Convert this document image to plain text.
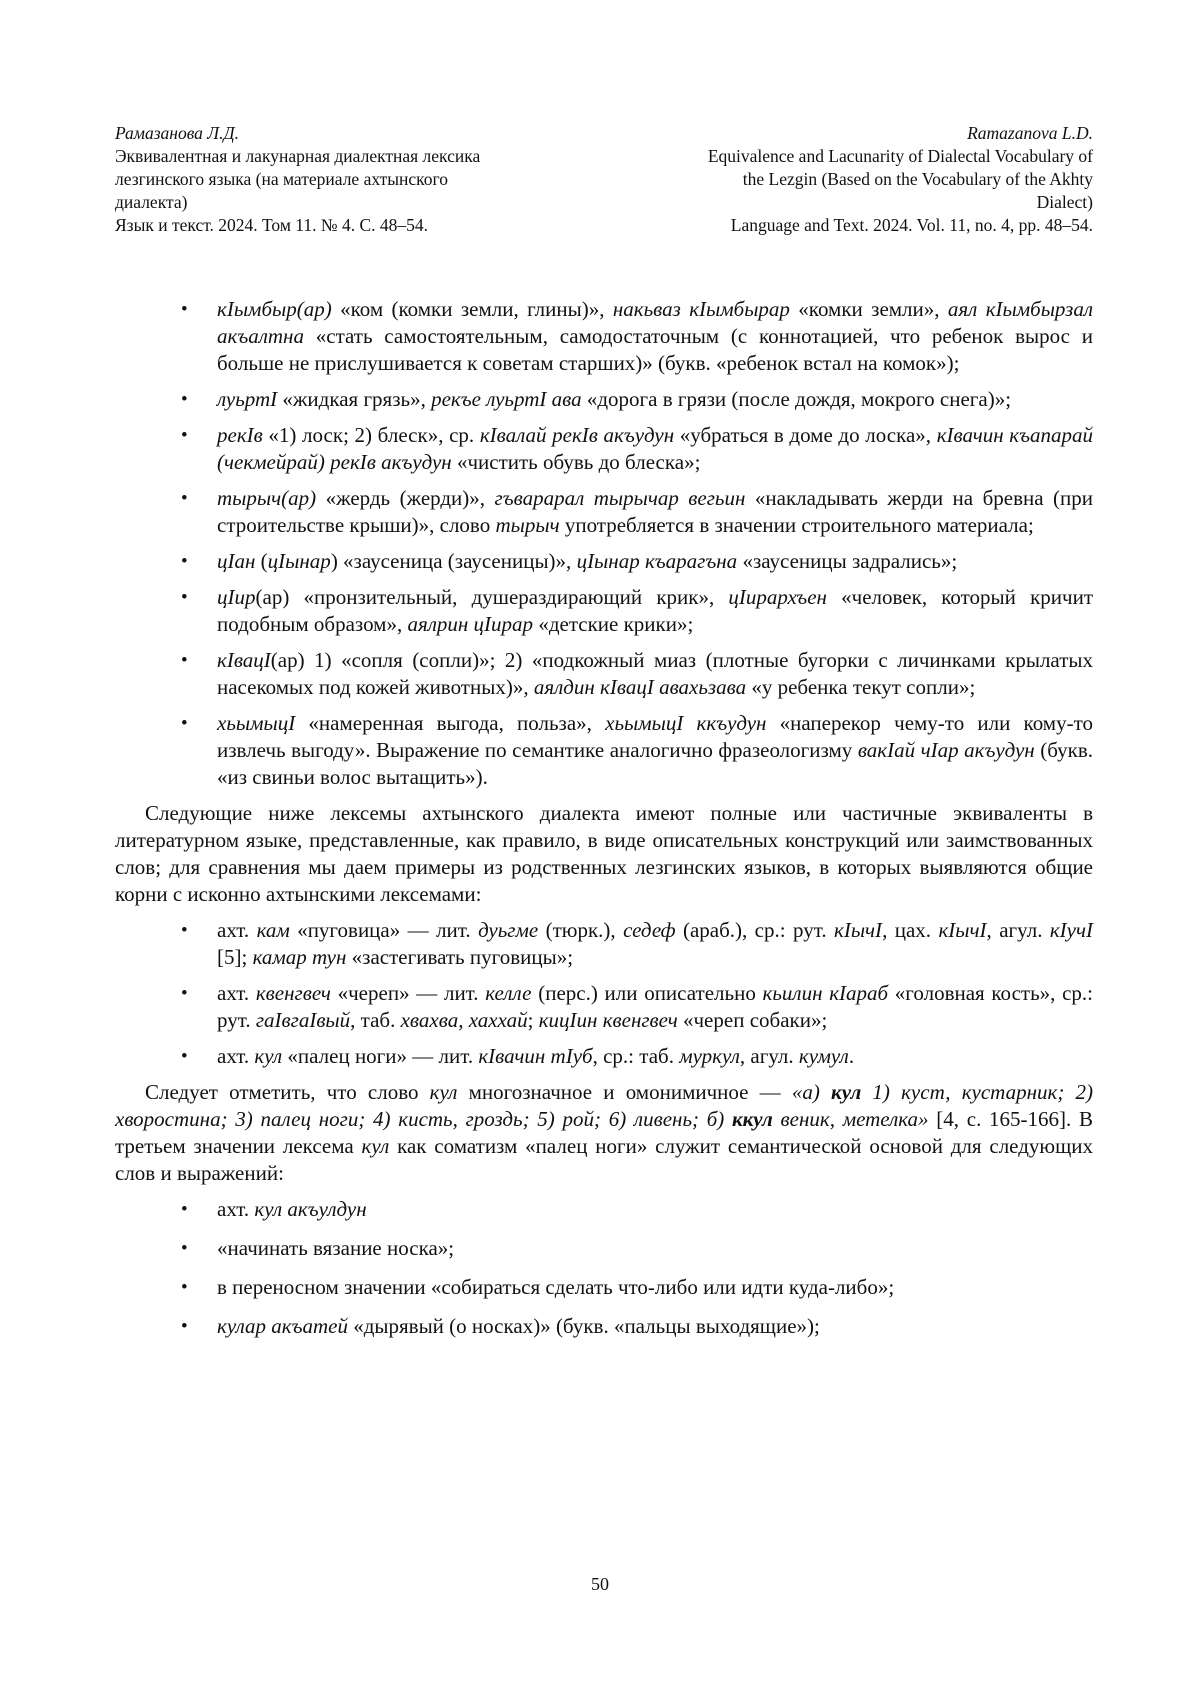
Рамазанова Л.Д.
Эквивалентная и лакунарная диалектная лексика
лезгинского языка (на материале ахтынского
диалекта)
Язык и текст. 2024. Том 11. № 4. С. 48–54.
Ramazanova L.D.
Equivalence and Lacunarity of Dialectal Vocabulary of
the Lezgin (Based on the Vocabulary of the Akhty
Dialect)
Language and Text. 2024. Vol. 11, no. 4, pp. 48–54.
• кIымбыр(ар) «ком (комки земли, глины)», накьваз кIымбырар «комки земли», аял кIымбырзал акъалтна «стать самостоятельным, самодостаточным (с коннотацией, что ребенок вырос и больше не прислушивается к советам старших)» (букв. «ребенок встал на комок»);
• луьртI «жидкая грязь», рекъе луьртI ава «дорога в грязи (после дождя, мокрого снега)»;
• рекIв «1) лоск; 2) блеск», ср. кIвалай рекIв акъудун «убраться в доме до лоска», кIвачин къапарай (чекмейрай) рекIв акъудун «чистить обувь до блеска»;
• тырыч(ар) «жердь (жерди)», гъварарал тырычар вегьин «накладывать жерди на бревна (при строительстве крыши)», слово тырыч употребляется в значении строительного материала;
• цIан (цIынар) «заусеница (заусеницы)», цIынар къарагъна «заусеницы задрались»;
• цIир(ар) «пронзительный, душераздирающий крик», цIирархъен «человек, который кричит подобным образом», аялрин цIирар «детские крики»;
• кIвацI(ар) 1) «сопля (сопли)»; 2) «подкожный миаз (плотные бугорки с личинками крылатых насекомых под кожей животных)», аялдин кIвацI авахьзава «у ребенка текут сопли»;
• хьымыцI «намеренная выгода, польза», хьымыцI ккъудун «наперекор чему-то или кому-то извлечь выгоду». Выражение по семантике аналогично фразеологизму вакIай чIар акъудун (букв. «из свиньи волос вытащить»).

Следующие ниже лексемы ахтынского диалекта имеют полные или частичные эквиваленты в литературном языке, представленные, как правило, в виде описательных конструкций или заимствованных слов; для сравнения мы даем примеры из родственных лезгинских языков, в которых выявляются общие корни с исконно ахтынскими лексемами:

• ахт. кам «пуговица» — лит. дуьгме (тюрк.), седеф (араб.), ср.: рут. кIычI, цах. кIычI, агул. кIучI [5]; камар тун «застегивать пуговицы»;
• ахт. квенгвеч «череп» — лит. келле (перс.) или описательно кьилин кIараб «головная кость», ср.: рут. гаIвгаIвый, таб. хвахва, хаххай; кицIин квенгвеч «череп собаки»;
• ахт. кул «палец ноги» — лит. кIвачин тIуб, ср.: таб. муркул, агул. кумул.

Следует отметить, что слово кул многозначное и омонимичное — «а) кул 1) куст, кустарник; 2) хворостина; 3) палец ноги; 4) кисть, гроздь; 5) рой; 6) ливень; б) ккул веник, метелка» [4, с. 165-166]. В третьем значении лексема кул как соматизм «палец ноги» служит семантической основой для следующих слов и выражений:

• ахт. кул акъулдун
• «начинать вязание носка»;
• в переносном значении «собираться сделать что-либо или идти куда-либо»;
• кулар акъатей «дырявый (о носках)» (букв. «пальцы выходящие»);
50
